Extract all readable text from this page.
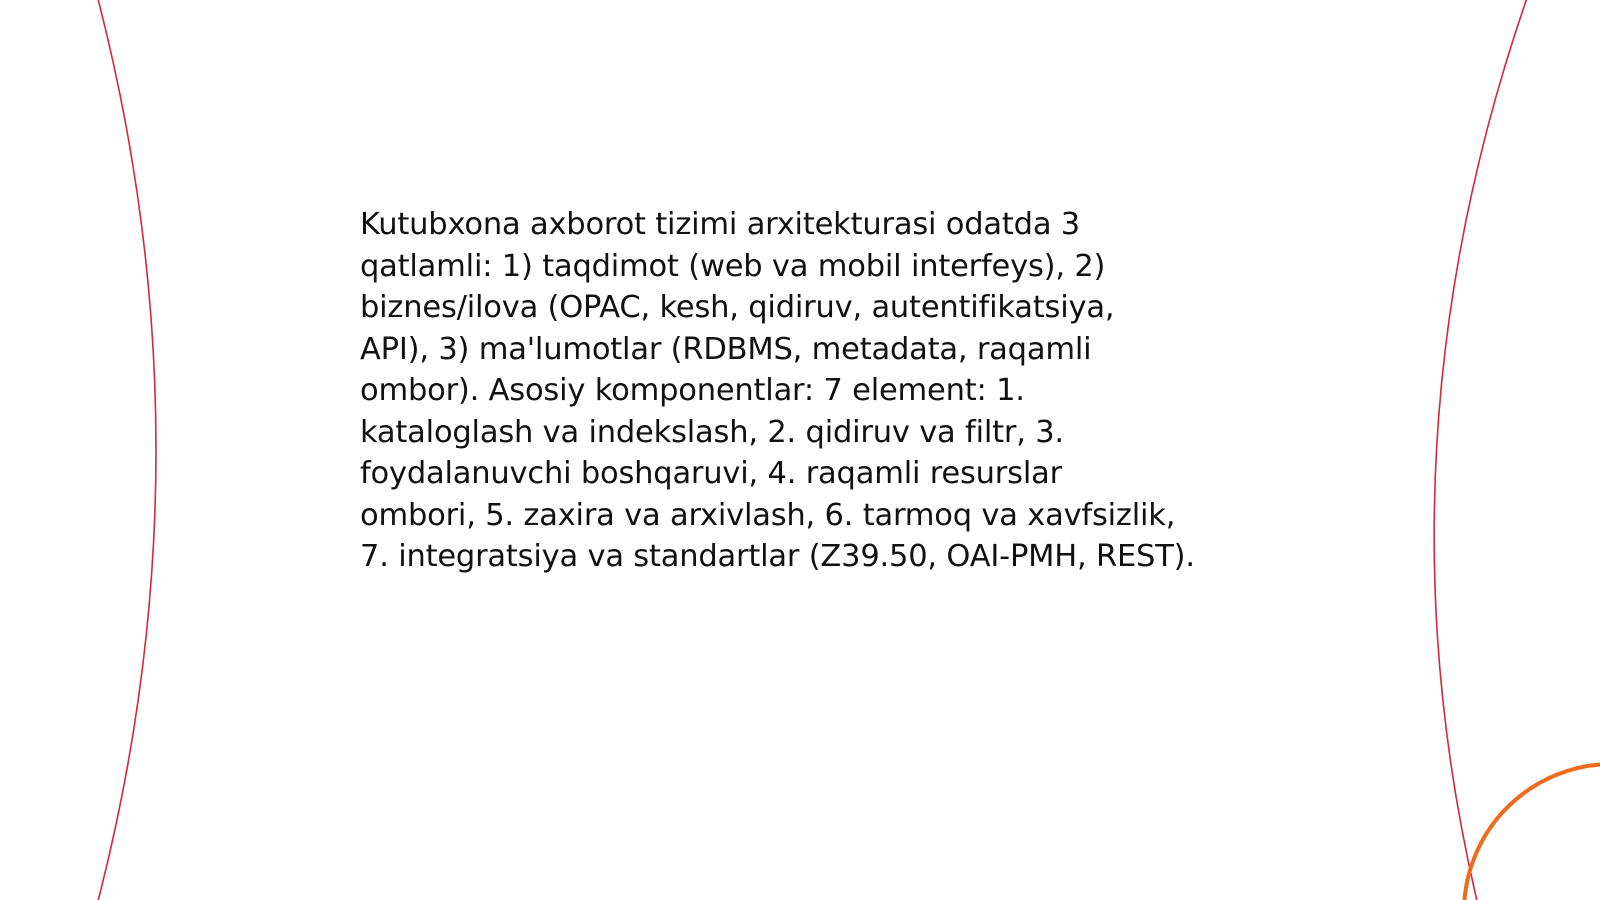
Kutubxona axborot tizimi arxitekturasi odatda 3
qatlamli: 1) taqdimot (web va mobil interfeys), 2)
biznes/ilova (OPAC, kesh, qidiruv, autentifikatsiya,
API), 3) ma'lumotlar (RDBMS, metadata, raqamli
ombor). Asosiy komponentlar: 7 element: 1.
kataloglash va indekslash, 2. qidiruv va filtr, 3.
foydalanuvchi boshqaruvi, 4. raqamli resurslar
ombori, 5. zaxira va arxivlash, 6. tarmoq va xavfsizlik,
7. integratsiya va standartlar (Z39.50, OAI-PMH, REST).
